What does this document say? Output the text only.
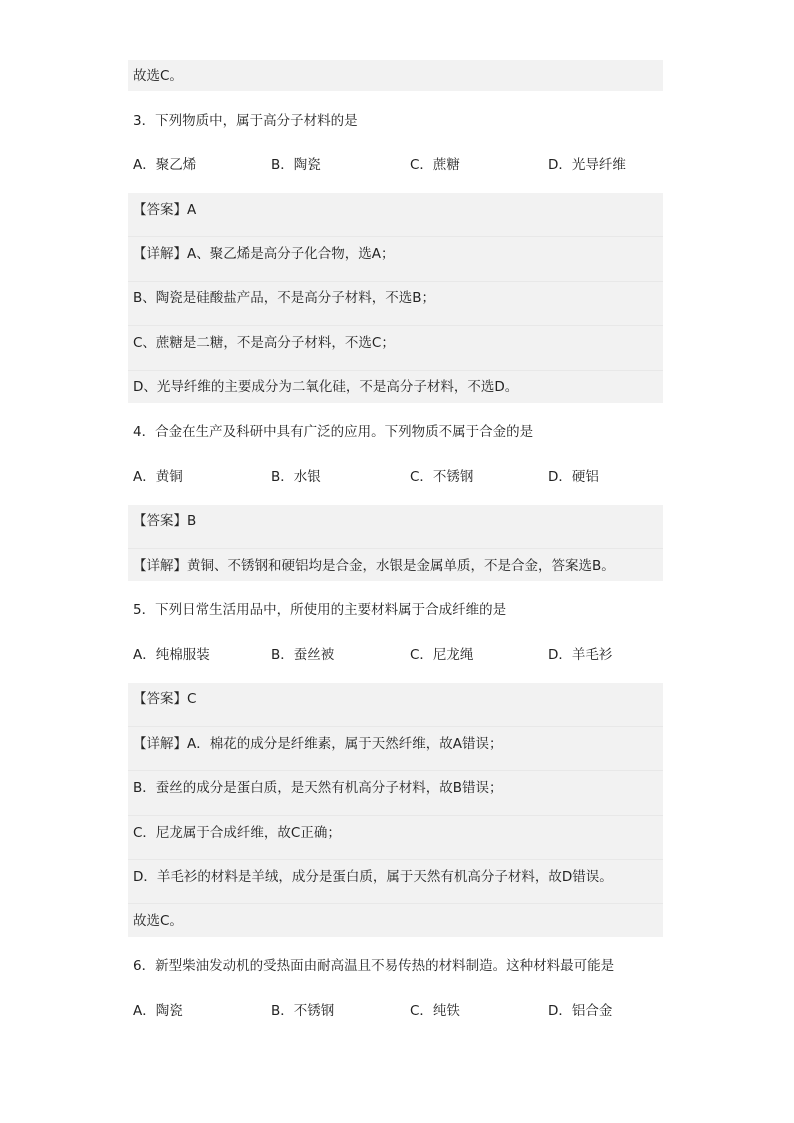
故选C。
3．下列物质中，属于高分子材料的是
A．聚乙烯	B．陶瓷	C．蔗糖	D．光导纤维
【答案】A
【详解】A、聚乙烯是高分子化合物，选A；
B、陶瓷是硅酸盐产品，不是高分子材料，不选B；
C、蔗糖是二糖，不是高分子材料，不选C；
D、光导纤维的主要成分为二氧化硅，不是高分子材料，不选D。
4．合金在生产及科研中具有广泛的应用。下列物质不属于合金的是
A．黄铜	B．水银	C．不锈钢	D．硬铝
【答案】B
【详解】黄铜、不锈钢和硬铝均是合金，水银是金属单质，不是合金，答案选B。
5．下列日常生活用品中，所使用的主要材料属于合成纤维的是
A．纯棉服装	B．蚕丝被	C．尼龙绳	D．羊毛衫
【答案】C
【详解】A．棉花的成分是纤维素，属于天然纤维，故A错误；
B．蚕丝的成分是蛋白质，是天然有机高分子材料，故B错误；
C．尼龙属于合成纤维，故C正确；
D．羊毛衫的材料是羊绒，成分是蛋白质，属于天然有机高分子材料，故D错误。
故选C。
6．新型柴油发动机的受热面由耐高温且不易传热的材料制造。这种材料最可能是
A．陶瓷	B．不锈钢	C．纯铁	D．铝合金
